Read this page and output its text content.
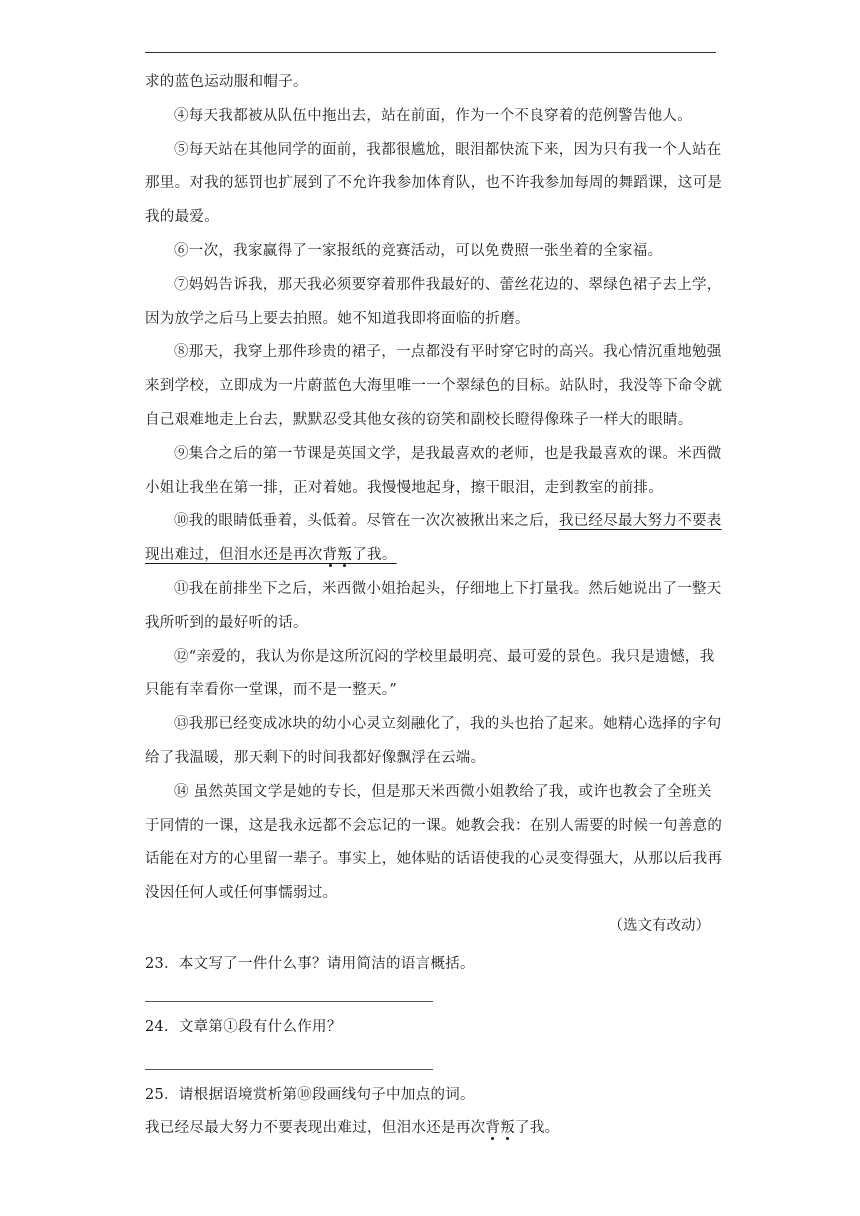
求的蓝色运动服和帽子。

④每天我都被从队伍中拖出去，站在前面，作为一个不良穿着的范例警告他人。

⑤每天站在其他同学的面前，我都很尴尬，眼泪都快流下来，因为只有我一个人站在那里。对我的惩罚也扩展到了不允许我参加体育队，也不许我参加每周的舞蹈课，这可是我的最爱。

⑥一次，我家赢得了一家报纸的竞赛活动，可以免费照一张坐着的全家福。

⑦妈妈告诉我，那天我必须要穿着那件我最好的、蕾丝花边的、翠绿色裙子去上学，因为放学之后马上要去拍照。她不知道我即将面临的折磨。

⑧那天，我穿上那件珍贵的裙子，一点都没有平时穿它时的高兴。我心情沉重地勉强来到学校，立即成为一片蔚蓝色大海里唯一一个翠绿色的目标。站队时，我没等下命令就自己艰难地走上台去，默默忍受其他女孩的窃笑和副校长瞪得像珠子一样大的眼睛。

⑨集合之后的第一节课是英国文学，是我最喜欢的老师，也是我最喜欢的课。米西微小姐让我坐在第一排，正对着她。我慢慢地起身，擦干眼泪，走到教室的前排。

⑩我的眼睛低垂着，头低着。尽管在一次次被揪出来之后，我已经尽最大努力不要表现出难过，但泪水还是再次背叛了我。

⑪我在前排坐下之后，米西微小姐抬起头，仔细地上下打量我。然后她说出了一整天我所听到的最好听的话。

⑫“亲爱的，我认为你是这所沉闷的学校里最明亮、最可爱的景色。我只是遗憾，我只能有幸看你一堂课，而不是一整天。”

⑬我那已经变成冰块的幼小心灵立刻融化了，我的头也抬了起来。她精心选择的字句给了我温暖，那天剩下的时间我都好像飘浮在云端。

⑭ 虽然英国文学是她的专长，但是那天米西微小姐教给了我，或许也教会了全班关于同情的一课，这是我永远都不会忘记的一课。她教会我：在别人需要的时候一句善意的话能在对方的心里留一辈子。事实上，她体贴的话语使我的心灵变得强大，从那以后我再没因任何人或任何事懦弱过。

（选文有改动）
23．本文写了一件什么事？请用简洁的语言概括。
24．文章第①段有什么作用？
25．请根据语境赏析第⑩段画线句子中加点的词。
我已经尽最大努力不要表现出难过，但泪水还是再次背叛了我。
